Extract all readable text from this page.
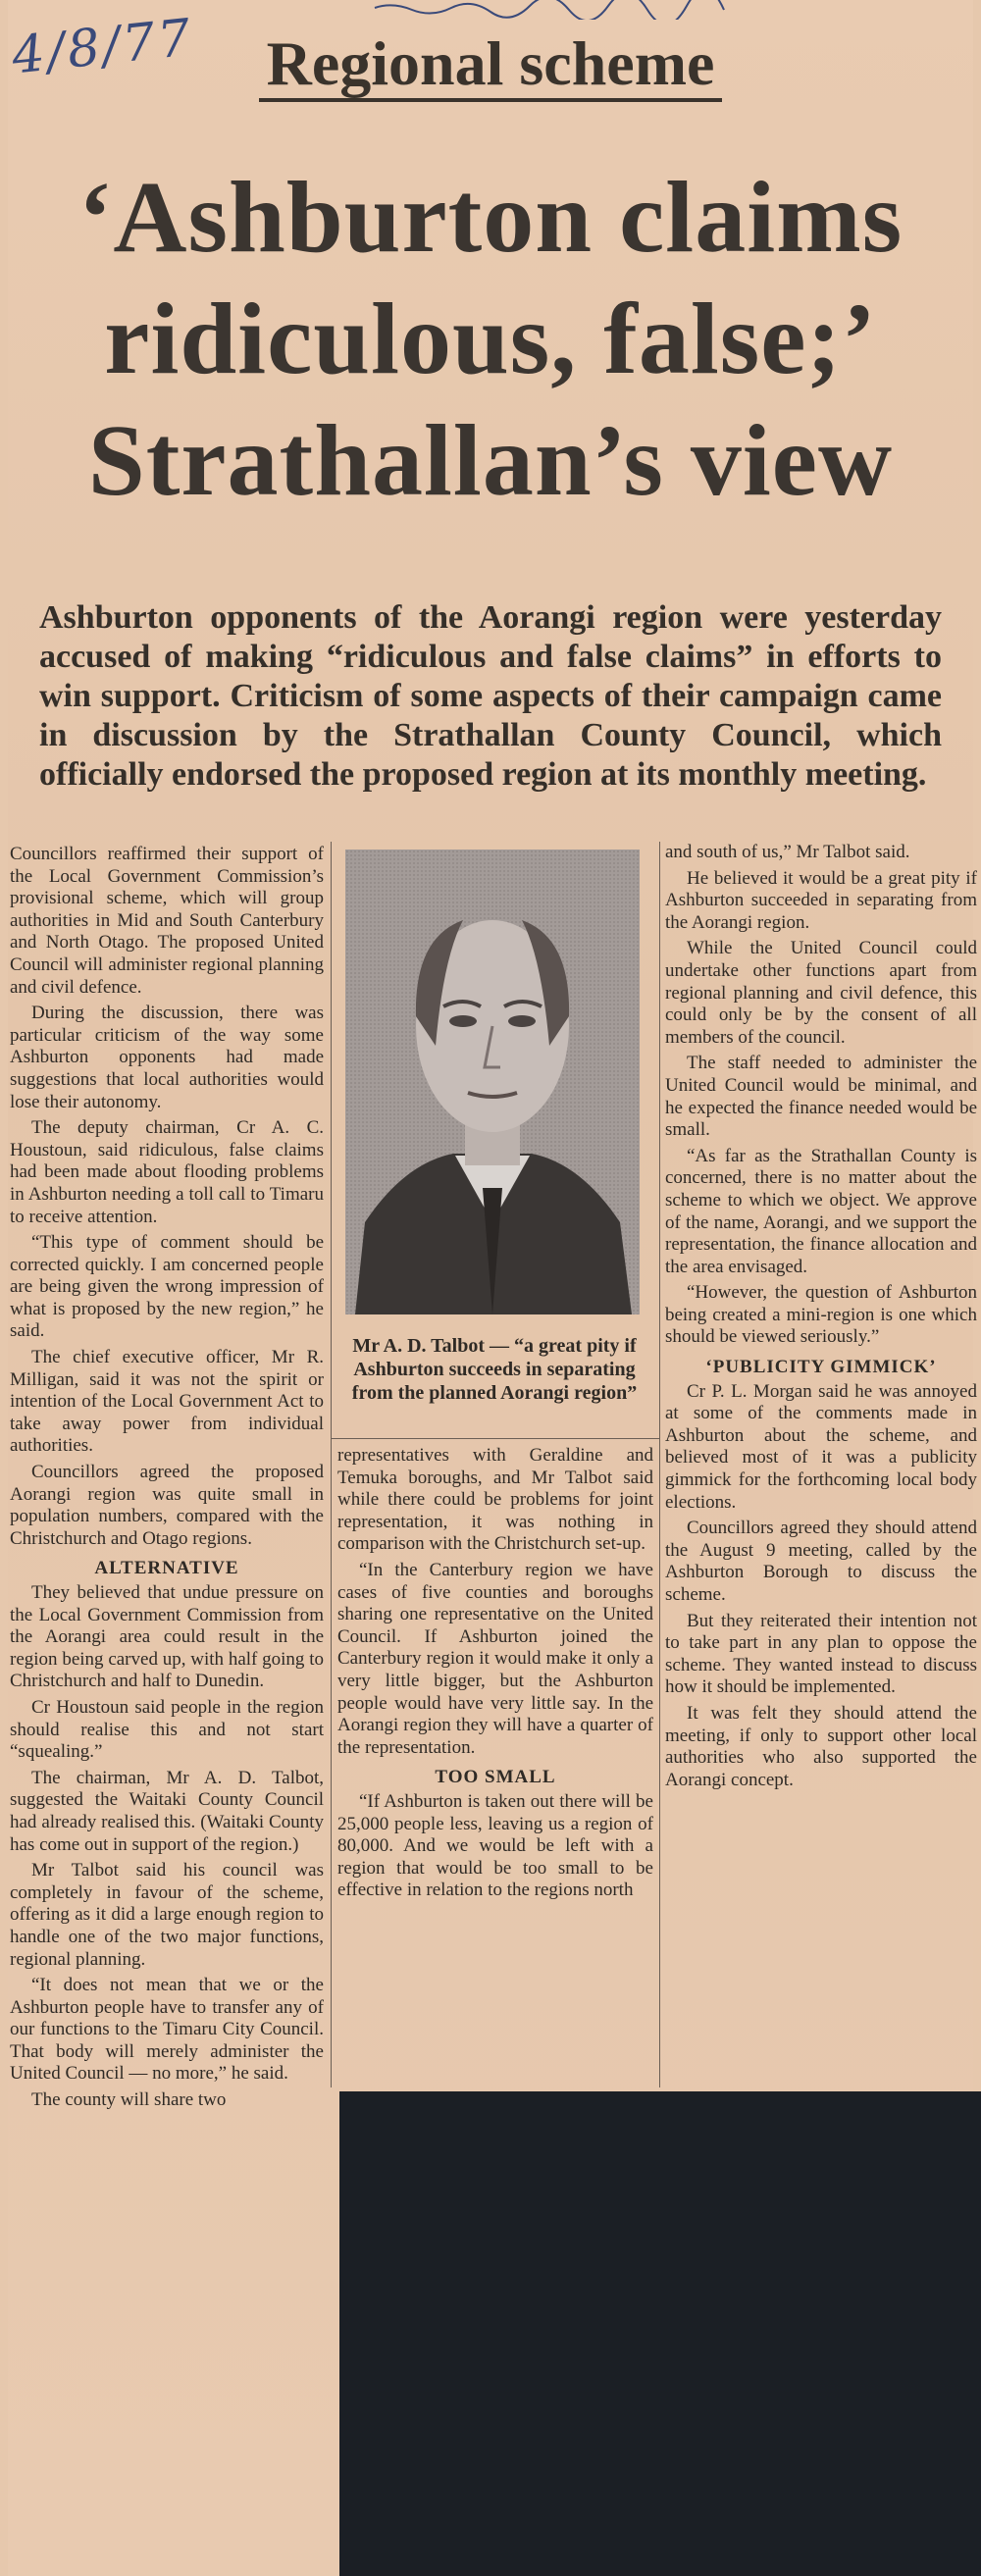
4/8/77	Regional scheme
‘Ashburton claims
ridiculous, false;’
Strathallan’s view
Ashburton opponents of the Aorangi region were yesterday accused of making “ridiculous and false claims” in efforts to win support. Criticism of some aspects of their campaign came in discussion by the Strathallan County Council, which officially endorsed the proposed region at its monthly meeting.
Mr A. D. Talbot — “a great pity if Ashburton succeeds in separating from the planned Aorangi region”

Councillors reaffirmed their support of the Local Government Commission’s provisional scheme, which will group authorities in Mid and South Canterbury and North Otago. The proposed United Council will administer regional planning and civil defence.

During the discussion, there was particular criticism of the way some Ashburton opponents had made suggestions that local authorities would lose their autonomy.

The deputy chairman, Cr A. C. Houstoun, said ridiculous, false claims had been made about flooding problems in Ashburton needing a toll call to Timaru to receive attention.

“This type of comment should be corrected quickly. I am concerned people are being given the wrong impression of what is proposed by the new region,” he said.

The chief executive officer, Mr R. Milligan, said it was not the spirit or intention of the Local Government Act to take away power from individual authorities.

Councillors agreed the proposed Aorangi region was quite small in population numbers, compared with the Christchurch and Otago regions.

ALTERNATIVE

They believed that undue pressure on the Local Government Commission from the Aorangi area could result in the region being carved up, with half going to Christchurch and half to Dunedin.

Cr Houstoun said people in the region should realise this and not start “squealing.”

The chairman, Mr A. D. Talbot, suggested the Waitaki County Council had already realised this. (Waitaki County has come out in support of the region.)

Mr Talbot said his council was completely in favour of the scheme, offering as it did a large enough region to handle one of the two major functions, regional planning.

“It does not mean that we or the Ashburton people have to transfer any of our functions to the Timaru City Council. That body will merely administer the United Council — no more,” he said.

The county will share two

representatives with Geraldine and Temuka boroughs, and Mr Talbot said while there could be problems for joint representation, it was nothing in comparison with the Christchurch set-up.

“In the Canterbury region we have cases of five counties and boroughs sharing one representative on the United Council. If Ashburton joined the Canterbury region it would make it only a very little bigger, but the Ashburton people would have very little say. In the Aorangi region they will have a quarter of the representation.

TOO SMALL

“If Ashburton is taken out there will be 25,000 people less, leaving us a region of 80,000. And we would be left with a region that would be too small to be effective in relation to the regions north

and south of us,” Mr Talbot said.

He believed it would be a great pity if Ashburton succeeded in separating from the Aorangi region.

While the United Council could undertake other functions apart from regional planning and civil defence, this could only be by the consent of all members of the council.

The staff needed to administer the United Council would be minimal, and he expected the finance needed would be small.

“As far as the Strathallan County is concerned, there is no matter about the scheme to which we object. We approve of the name, Aorangi, and we support the representation, the finance allocation and the area envisaged.

“However, the question of Ashburton being created a mini-region is one which should be viewed seriously.”

‘PUBLICITY GIMMICK’

Cr P. L. Morgan said he was annoyed at some of the comments made in Ashburton about the scheme, and believed most of it was a publicity gimmick for the forthcoming local body elections.

Councillors agreed they should attend the August 9 meeting, called by the Ashburton Borough to discuss the scheme.

But they reiterated their intention not to take part in any plan to oppose the scheme. They wanted instead to discuss how it should be implemented.

It was felt they should attend the meeting, if only to support other local authorities who also supported the Aorangi concept.
